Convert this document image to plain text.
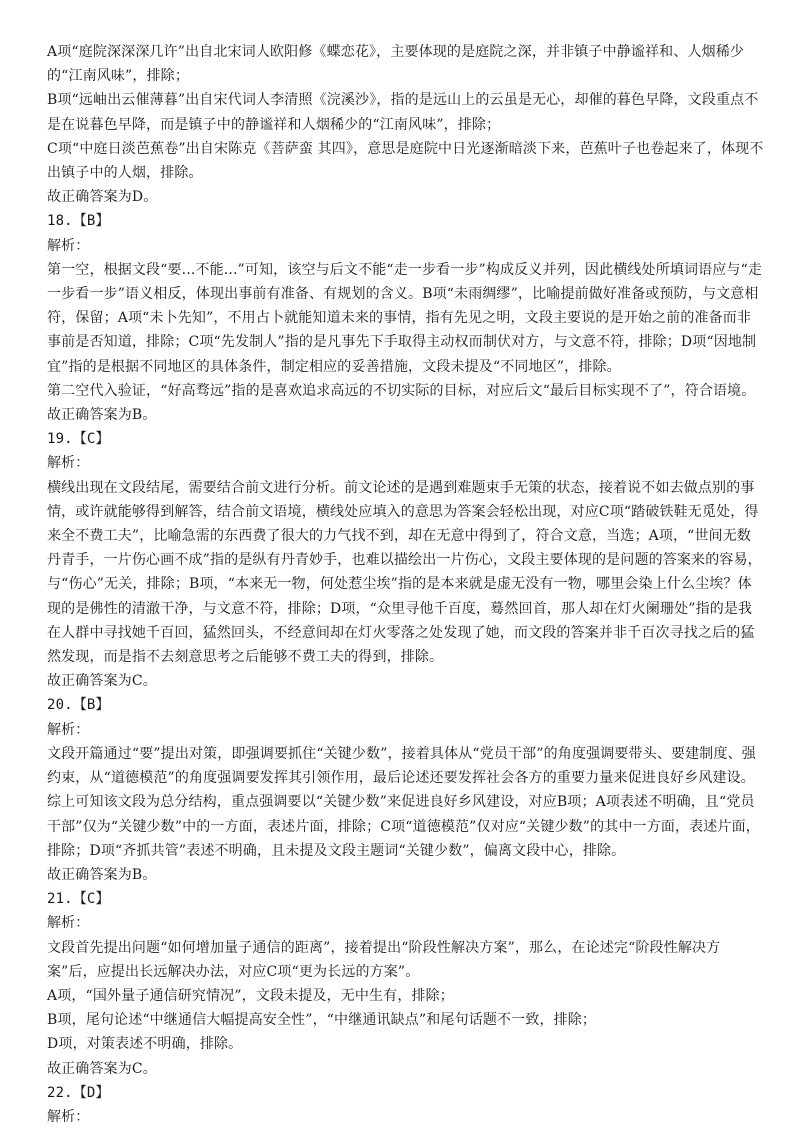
A项“庭院深深深几许”出自北宋词人欧阳修《蝶恋花》，主要体现的是庭院之深，并非镇子中静谧祥和、人烟稀少的“江南风味”，排除；
B项“远岫出云催薄暮”出自宋代词人李清照《浣溪沙》，指的是远山上的云虽是无心，却催的暮色早降，文段重点不是在说暮色早降，而是镇子中的静谧祥和人烟稀少的“江南风味”，排除；
C项“中庭日淡芭蕉卷”出自宋陈克《菩萨蛮 其四》，意思是庭院中日光逐渐暗淡下来，芭蕉叶子也卷起来了，体现不出镇子中的人烟，排除。
故正确答案为D。
18.【B】
解析：
第一空，根据文段“要...不能...”可知，该空与后文不能“走一步看一步”构成反义并列，因此横线处所填词语应与“走一步看一步”语义相反，体现出事前有准备、有规划的含义。B项“未雨绸缪”，比喻提前做好准备或预防，与文意相符，保留；A项“未卜先知”，不用占卜就能知道未来的事情，指有先见之明，文段主要说的是开始之前的准备而非事前是否知道，排除；C项“先发制人”指的是凡事先下手取得主动权而制伏对方，与文意不符，排除；D项“因地制宜”指的是根据不同地区的具体条件，制定相应的妥善措施，文段未提及“不同地区”，排除。
第二空代入验证，“好高骛远”指的是喜欢追求高远的不切实际的目标，对应后文“最后目标实现不了”，符合语境。
故正确答案为B。
19.【C】
解析：
横线出现在文段结尾，需要结合前文进行分析。前文论述的是遇到难题束手无策的状态，接着说不如去做点别的事情，或许就能够得到解答，结合前文语境，横线处应填入的意思为答案会轻松出现，对应C项“踏破铁鞋无觅处，得来全不费工夫”，比喻急需的东西费了很大的力气找不到，却在无意中得到了，符合文意，当选；A项，“世间无数丹青手，一片伤心画不成”指的是纵有丹青妙手，也难以描绘出一片伤心，文段主要体现的是问题的答案来的容易，与“伤心”无关，排除；B项，“本来无一物，何处惹尘埃”指的是本来就是虚无没有一物，哪里会染上什么尘埃？体现的是佛性的清澈干净，与文意不符，排除；D项，“众里寻他千百度，蓦然回首，那人却在灯火阑珊处”指的是我在人群中寻找她千百回，猛然回头，不经意间却在灯火零落之处发现了她，而文段的答案并非千百次寻找之后的猛然发现，而是指不去刻意思考之后能够不费工夫的得到，排除。
故正确答案为C。
20.【B】
解析：
文段开篇通过“要”提出对策，即强调要抓住“关键少数”，接着具体从“党员干部”的角度强调要带头、要建制度、强约束，从“道德模范”的角度强调要发挥其引领作用，最后论述还要发挥社会各方的重要力量来促进良好乡风建设。综上可知该文段为总分结构，重点强调要以“关键少数”来促进良好乡风建设，对应B项；A项表述不明确，且“党员干部”仅为“关键少数”中的一方面，表述片面，排除；C项“道德模范”仅对应“关键少数”的其中一方面，表述片面，排除；D项“齐抓共管”表述不明确，且未提及文段主题词“关键少数”，偏离文段中心，排除。
故正确答案为B。
21.【C】
解析：
文段首先提出问题“如何增加量子通信的距离”，接着提出“阶段性解决方案”，那么，在论述完“阶段性解决方案”后，应提出长远解决办法，对应C项“更为长远的方案”。
A项，“国外量子通信研究情况”，文段未提及，无中生有，排除；
B项，尾句论述“中继通信大幅提高安全性”，“中继通讯缺点”和尾句话题不一致，排除；
D项，对策表述不明确，排除。
故正确答案为C。
22.【D】
解析：
